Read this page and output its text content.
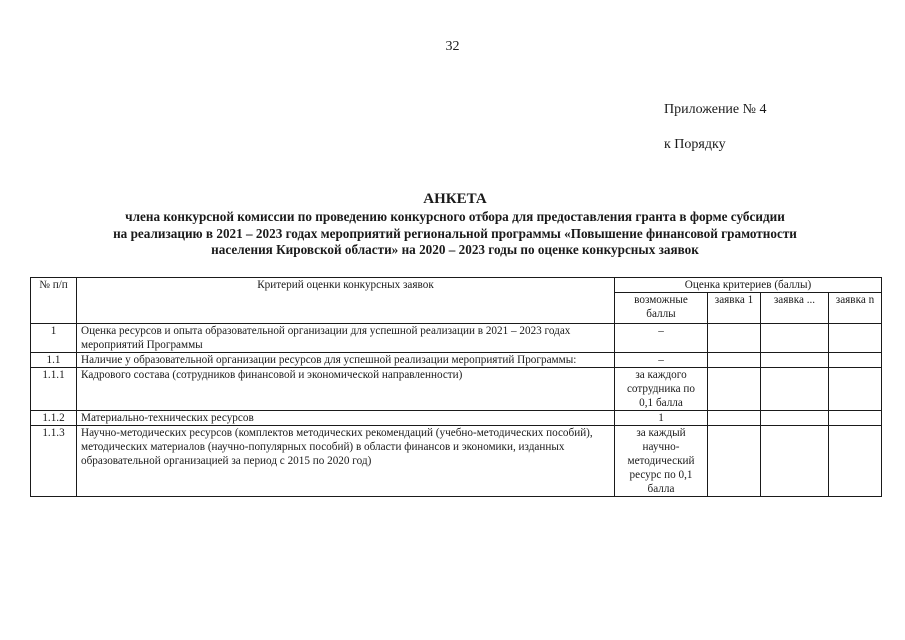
32
Приложение № 4
к Порядку
АНКЕТА
члена конкурсной комиссии по проведению конкурсного отбора для предоставления гранта в форме субсидии
на реализацию в 2021 – 2023 годах мероприятий региональной программы «Повышение финансовой грамотности
населения Кировской области» на 2020 – 2023 годы по оценке конкурсных заявок
№ п/п	Критерий оценки конкурсных заявок	Оценка критериев (баллы)			
		возможные баллы	заявка 1	заявка ...	заявка n
1	Оценка ресурсов и опыта образовательной организации для успешной реализации в 2021 – 2023 годах мероприятий Программы	–			
1.1	Наличие у образовательной организации ресурсов для успешной реализации мероприятий Программы:	–			
1.1.1	Кадрового состава (сотрудников финансовой и экономической направленности)	за каждого сотрудника по 0,1 балла			
1.1.2	Материально-технических ресурсов	1			
1.1.3	Научно-методических ресурсов (комплектов методических рекомендаций (учебно-методических пособий), методических материалов (научно-популярных пособий) в области финансов и экономики, изданных образовательной организацией за период с 2015 по 2020 год)	за каждый научно-методический ресурс по 0,1 балла			
